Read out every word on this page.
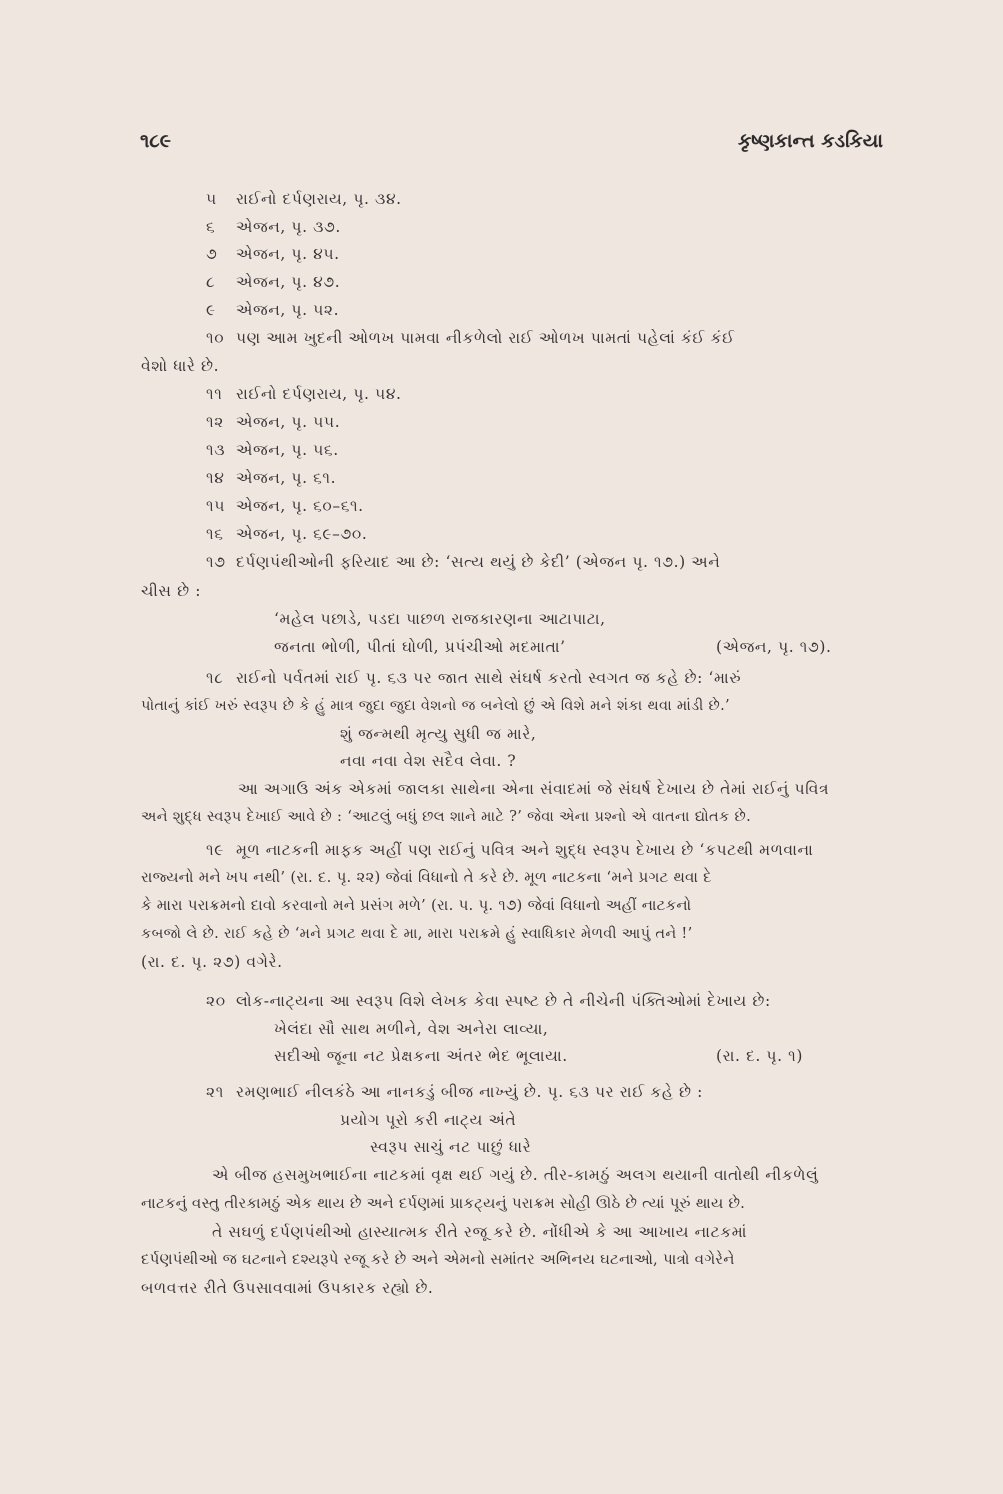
૧૮૯	કૃષ્ણકાન્ત કડકિયા
૫ રાઈનો દર્પણરાય, પૃ. ૩૪.
૬ એજન, પૃ. ૩૭.
૭ એજન, પૃ. ૪૫.
૮ એજન, પૃ. ૪૭.
૯ એજન, પૃ. ૫૨.
૧૦ પણ આમ ખુદની ઓળખ પામવા નીકળેલો રાઈ ઓળખ પામતાં પહેલાં કંઈ કંઈ
વેશો ધારે છે.
૧૧ રાઈનો દર્પણરાય, પૃ. ૫૪.
૧૨ એજન, પૃ. ૫૫.
૧૩ એજન, પૃ. ૫૬.
૧૪ એજન, પૃ. ૬૧.
૧૫ એજન, પૃ. ૬૦–૬૧.
૧૬ એજન, પૃ. ૬૯–૭૦.
૧૭ દર્પણપંથીઓની ફરિયાદ આ છે: ‘સત્ય થયું છે કેદી’ (એજન પૃ. ૧૭.) અને
ચીસ છે :
‘મહેલ પછાડે, પડદા પાછળ રાજકારણના આટાપાટા,
જનતા ભોળી, પીતાં ઘોળી, પ્રપંચીઓ મદમાતા’	(એજન, પૃ. ૧૭).
૧૮ રાઈનો પર્વતમાં રાઈ પૃ. ૬૩ પર જાત સાથે સંઘર્ષ કરતો સ્વગત જ કહે છે: ‘મારું
પોતાનું કાંઈ ખરું સ્વરૂપ છે કે હું માત્ર જુદા જુદા વેશનો જ બનેલો છું એ વિશે મને શંકા થવા માંડી છે.’
શું જન્મથી મૃત્યુ સુધી જ મારે,
નવા નવા વેશ સદૈવ લેવા. ?
આ અગાઉ અંક એકમાં જાલકા સાથેના એના સંવાદમાં જે સંઘર્ષ દેખાય છે તેમાં રાઈનું પવિત્ર
અને શુદ્ધ સ્વરૂપ દેખાઈ આવે છે : ‘આટલું બધું છલ શાને માટે ?’ જેવા એના પ્રશ્નો એ વાતના દ્યોતક છે.
૧૯ મૂળ નાટકની માફક અહીં પણ રાઈનું પવિત્ર અને શુદ્ધ સ્વરૂપ દેખાય છે ‘કપટથી મળવાના
રાજ્યનો મને ખપ નથી’ (રા. દ. પૃ. ૨૨) જેવાં વિધાનો તે કરે છે. મૂળ નાટકના ‘મને પ્રગટ થવા દે
કે મારા પરાક્રમનો દાવો કરવાનો મને પ્રસંગ મળે’ (રા. પ. પૃ. ૧૭) જેવાં વિધાનો અહીં નાટકનો
કબજો લે છે. રાઈ કહે છે ‘મને પ્રગટ થવા દે મા, મારા પરાક્રમે હું સ્વાધિકાર મેળવી આપું તને !’
(રા. દ. પૃ. ૨૭) વગેરે.
૨૦ લોક-નાટ્યના આ સ્વરૂપ વિશે લેખક કેવા સ્પષ્ટ છે તે નીચેની પંક્તિઓમાં દેખાય છે:
ખેલંદા સૌ સાથ મળીને, વેશ અનેરા લાવ્યા,
સદીઓ જૂના નટ પ્રેક્ષકના અંતર ભેદ ભૂલાયા.	(રા. દ. પૃ. ૧)
૨૧ રમણભાઈ નીલકંઠે આ નાનકડું બીજ નાખ્યું છે. પૃ. ૬૩ પર રાઈ કહે છે :
પ્રયોગ પૂરો કરી નાટ્ય અંતે
સ્વરૂપ સાચું નટ પાછું ધારે
એ બીજ હસમુખભાઈના નાટકમાં વૃક્ષ થઈ ગયું છે. તીર-કામઠું અલગ થયાની વાતોથી નીકળેલું
નાટકનું વસ્તુ તીરકામઠું એક થાય છે અને દર્પણમાં પ્રાકટ્યનું પરાક્રમ સોહી ઊઠે છે ત્યાં પૂરું થાય છે.
તે સઘળું દર્પણપંથીઓ હાસ્યાત્મક રીતે રજૂ કરે છે. નોંધીએ કે આ આખાય નાટકમાં
દર્પણપંથીઓ જ ઘટનાને દશ્યરૂપે રજૂ કરે છે અને એમનો સમાંતર અભિનય ઘટનાઓ, પાત્રો વગેરેને
બળવત્તર રીતે ઉપસાવવામાં ઉપકારક રહ્યો છે.
